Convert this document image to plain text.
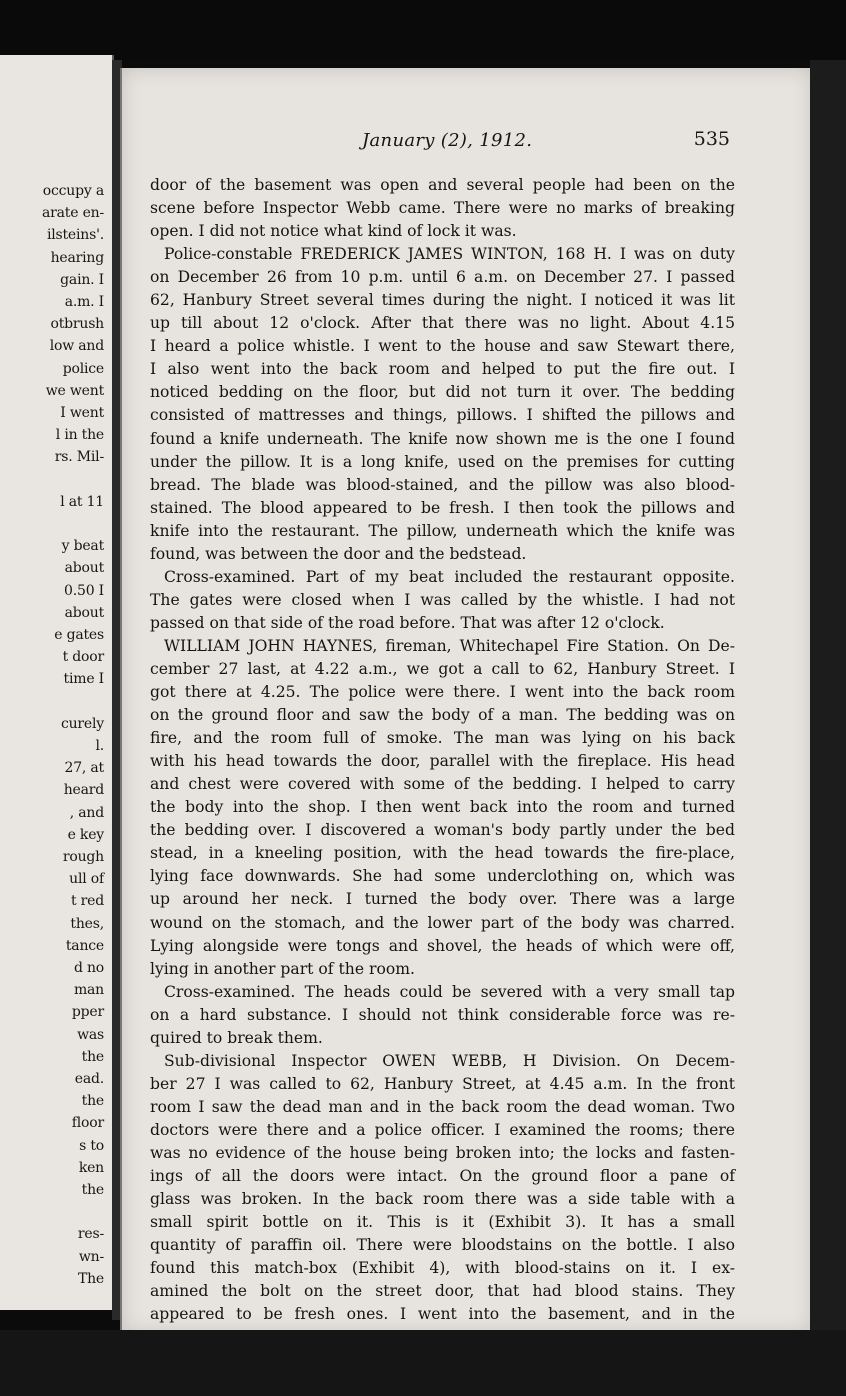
occupy a
arate en-
ilsteins'.
hearing
gain. I
a.m. I
otbrush
low and
police
we went
I went
l in the
rs. Mil-
l at 11
y beat
about
0.50 I
about
e gates
t door
time I
curely
l.
27, at
heard
, and
e key
rough
ull of
t red
thes,
tance
d no
man
pper
was
the
ead.
the
floor
s to
ken
the
res-
wn-
The
January (2), 1912.	535
door of the basement was open and several people had been on the
scene before Inspector Webb came. There were no marks of breaking
open. I did not notice what kind of lock it was.
Police-constable FREDERICK JAMES WINTON, 168 H. I was on duty
on December 26 from 10 p.m. until 6 a.m. on December 27. I passed
62, Hanbury Street several times during the night. I noticed it was lit
up till about 12 o'clock. After that there was no light. About 4.15
I heard a police whistle. I went to the house and saw Stewart there,
I also went into the back room and helped to put the fire out. I
noticed bedding on the floor, but did not turn it over. The bedding
consisted of mattresses and things, pillows. I shifted the pillows and
found a knife underneath. The knife now shown me is the one I found
under the pillow. It is a long knife, used on the premises for cutting
bread. The blade was blood-stained, and the pillow was also blood-
stained. The blood appeared to be fresh. I then took the pillows and
knife into the restaurant. The pillow, underneath which the knife was
found, was between the door and the bedstead.
Cross-examined. Part of my beat included the restaurant opposite.
The gates were closed when I was called by the whistle. I had not
passed on that side of the road before. That was after 12 o'clock.
WILLIAM JOHN HAYNES, fireman, Whitechapel Fire Station. On De-
cember 27 last, at 4.22 a.m., we got a call to 62, Hanbury Street. I
got there at 4.25. The police were there. I went into the back room
on the ground floor and saw the body of a man. The bedding was on
fire, and the room full of smoke. The man was lying on his back
with his head towards the door, parallel with the fireplace. His head
and chest were covered with some of the bedding. I helped to carry
the body into the shop. I then went back into the room and turned
the bedding over. I discovered a woman's body partly under the bed
stead, in a kneeling position, with the head towards the fire-place,
lying face downwards. She had some underclothing on, which was
up around her neck. I turned the body over. There was a large
wound on the stomach, and the lower part of the body was charred.
Lying alongside were tongs and shovel, the heads of which were off,
lying in another part of the room.
Cross-examined. The heads could be severed with a very small tap
on a hard substance. I should not think considerable force was re-
quired to break them.
Sub-divisional Inspector OWEN WEBB, H Division. On Decem-
ber 27 I was called to 62, Hanbury Street, at 4.45 a.m. In the front
room I saw the dead man and in the back room the dead woman. Two
doctors were there and a police officer. I examined the rooms; there
was no evidence of the house being broken into; the locks and fasten-
ings of all the doors were intact. On the ground floor a pane of
glass was broken. In the back room there was a side table with a
small spirit bottle on it. This is it (Exhibit 3). It has a small
quantity of paraffin oil. There were bloodstains on the bottle. I also
found this match-box (Exhibit 4), with blood-stains on it. I ex-
amined the bolt on the street door, that had blood stains. They
appeared to be fresh ones. I went into the basement, and in the
